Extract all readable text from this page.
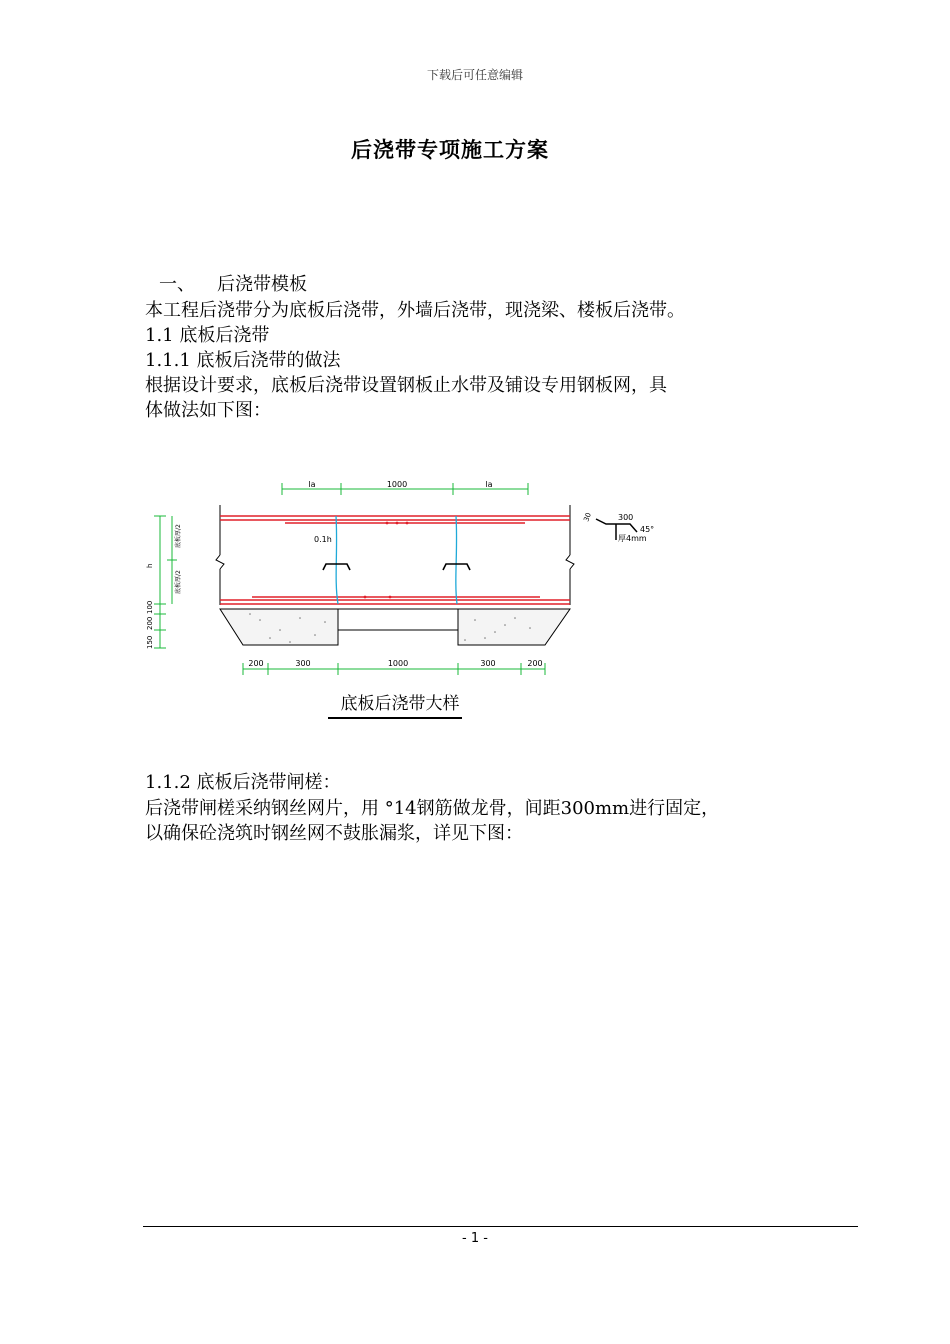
下载后可任意编辑
后浇带专项施工方案
一、 后浇带模板
本工程后浇带分为底板后浇带，外墙后浇带，现浇梁、楼板后浇带。
1.1 底板后浇带
1.1.1 底板后浇带的做法
根据设计要求，底板后浇带设置钢板止水带及铺设专用钢板网，具
体做法如下图：
la	1000	la
0.1h
h
底板厚/2
底板厚/2
100
200
150
200	300	1000	300	200
300
45°
厚4mm
30
底板后浇带大样
1.1.2 底板后浇带闸槎：
后浇带闸槎采纳钢丝网片，用 °14钢筋做龙骨，间距300mm进行固定，
以确保砼浇筑时钢丝网不鼓胀漏浆，详见下图：
- 1 -
